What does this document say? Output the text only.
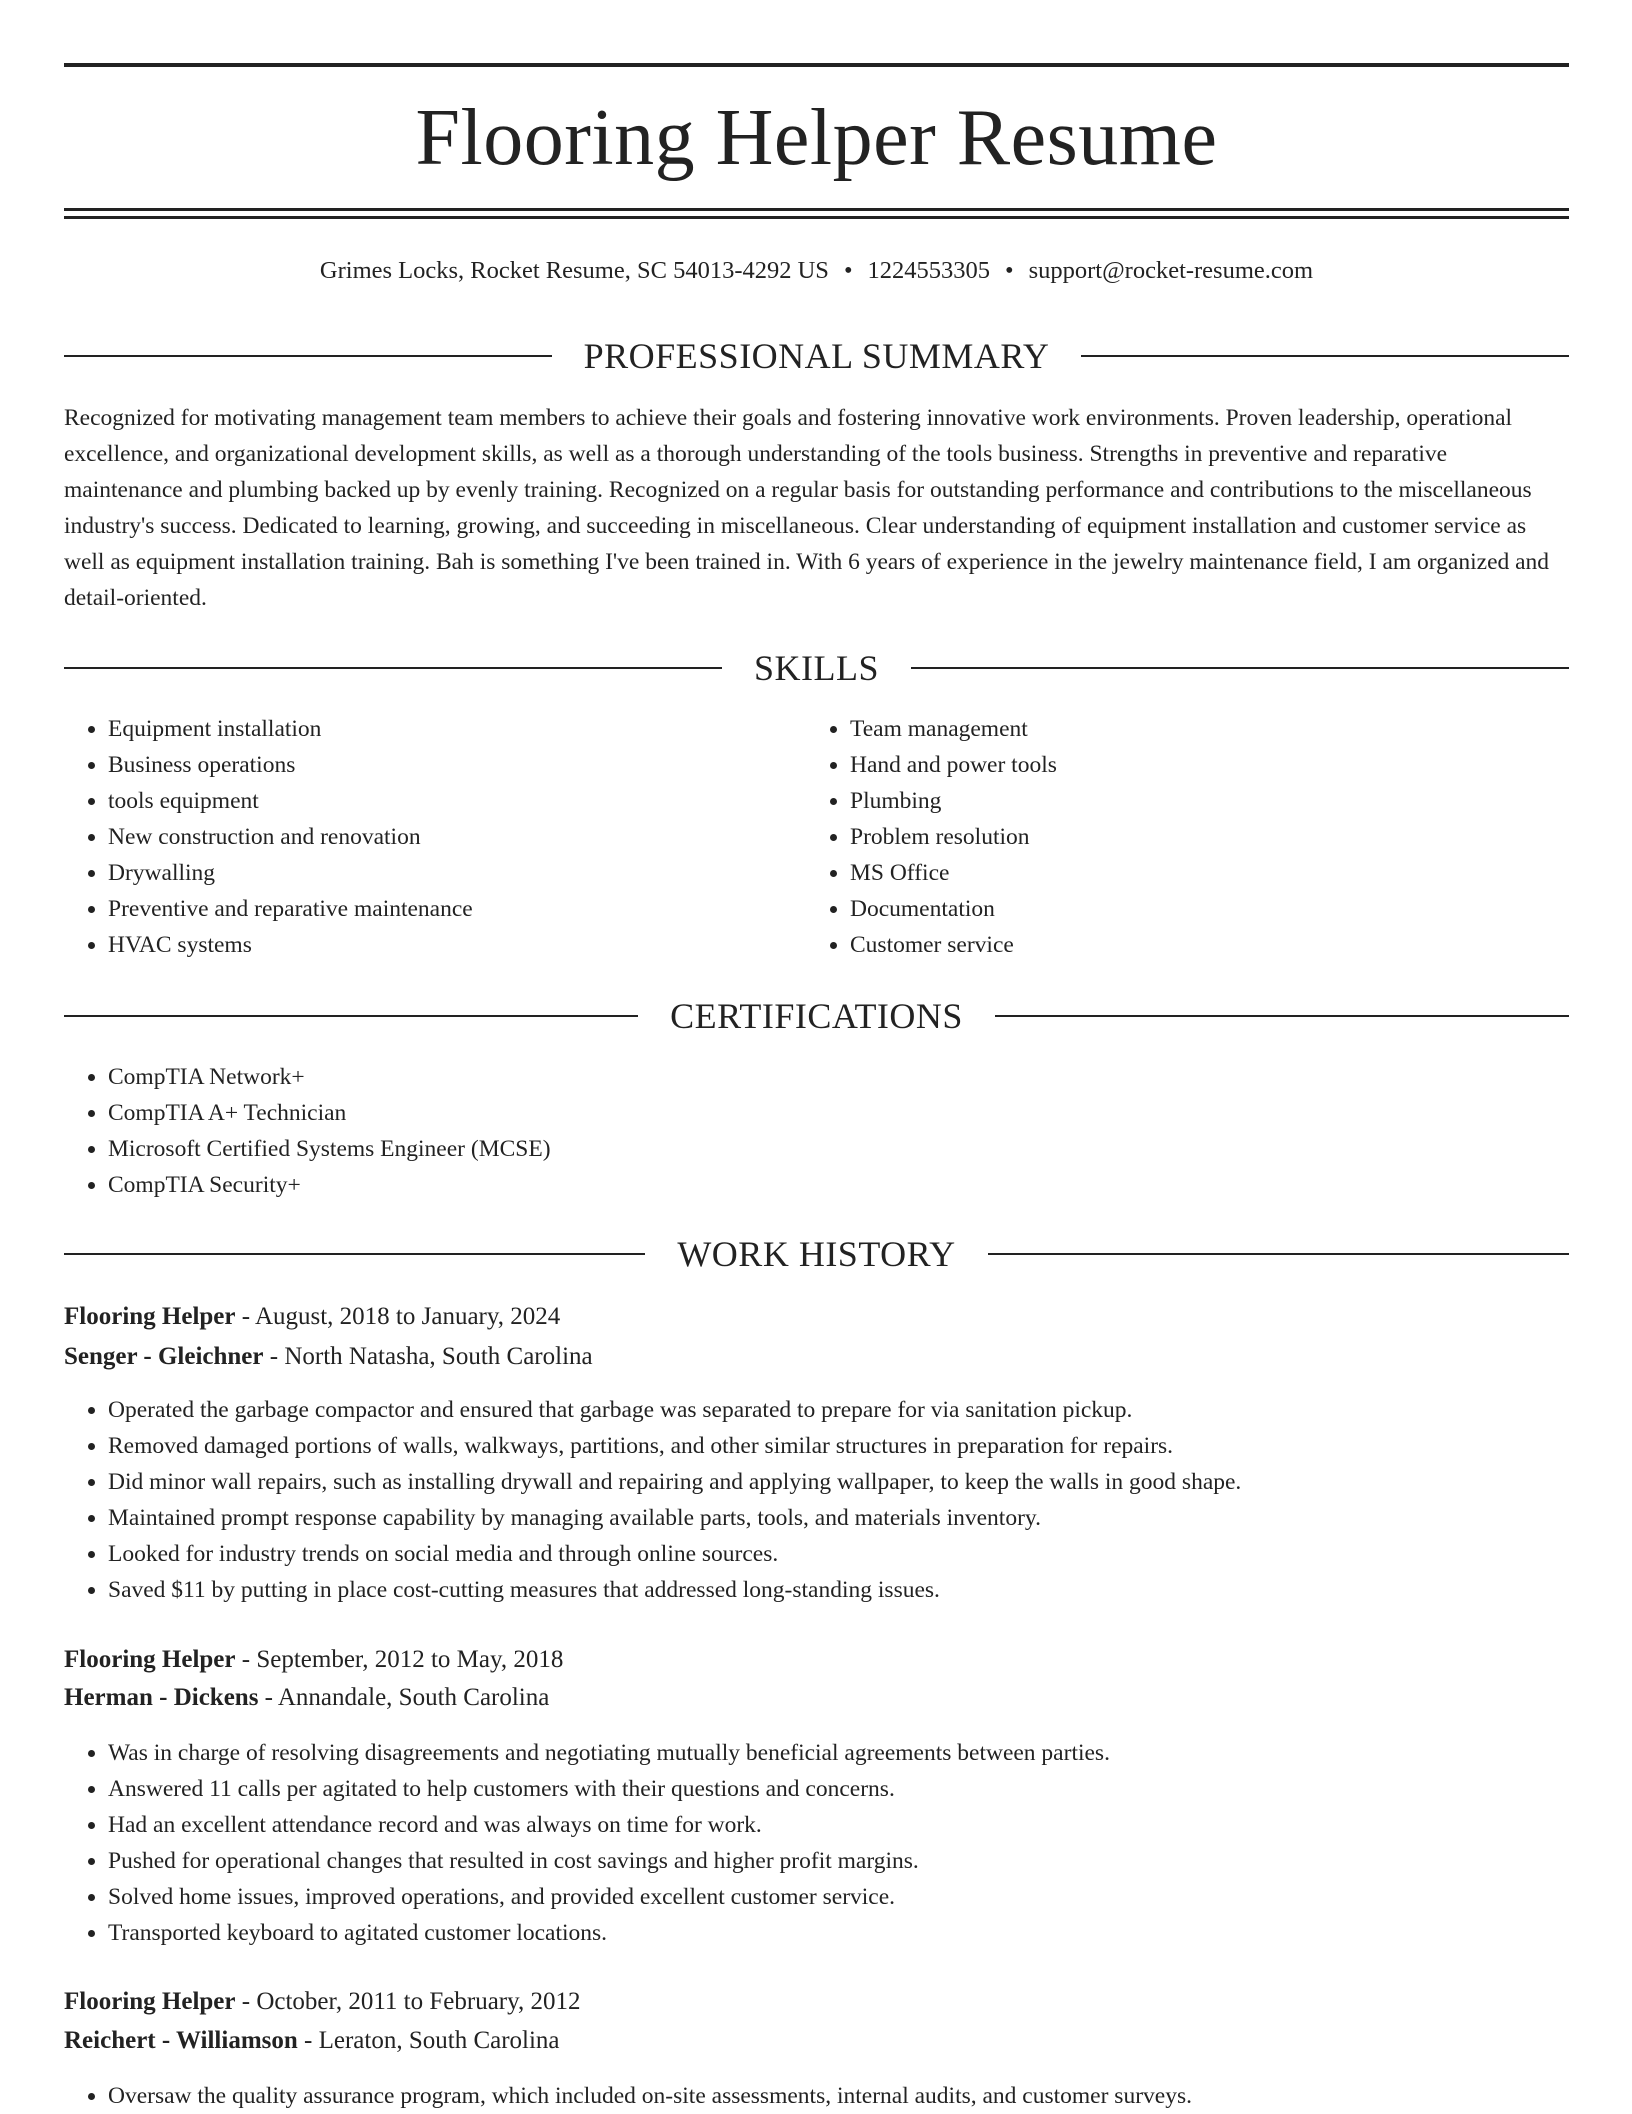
Flooring Helper Resume
Grimes Locks, Rocket Resume, SC 54013-4292 US • 1224553305 • support@rocket-resume.com
PROFESSIONAL SUMMARY

Recognized for motivating management team members to achieve their goals and fostering innovative work environments. Proven leadership, operational excellence, and organizational development skills, as well as a thorough understanding of the tools business. Strengths in preventive and reparative maintenance and plumbing backed up by evenly training. Recognized on a regular basis for outstanding performance and contributions to the miscellaneous industry's success. Dedicated to learning, growing, and succeeding in miscellaneous. Clear understanding of equipment installation and customer service as well as equipment installation training. Bah is something I've been trained in. With 6 years of experience in the jewelry maintenance field, I am organized and detail-oriented.

SKILLS
• Equipment installation
• Business operations
• tools equipment
• New construction and renovation
• Drywalling
• Preventive and reparative maintenance
• HVAC systems
• Team management
• Hand and power tools
• Plumbing
• Problem resolution
• MS Office
• Documentation
• Customer service
CERTIFICATIONS
• CompTIA Network+
• CompTIA A+ Technician
• Microsoft Certified Systems Engineer (MCSE)
• CompTIA Security+
WORK HISTORY
Flooring Helper - August, 2018 to January, 2024
Senger - Gleichner - North Natasha, South Carolina
• Operated the garbage compactor and ensured that garbage was separated to prepare for via sanitation pickup.
• Removed damaged portions of walls, walkways, partitions, and other similar structures in preparation for repairs.
• Did minor wall repairs, such as installing drywall and repairing and applying wallpaper, to keep the walls in good shape.
• Maintained prompt response capability by managing available parts, tools, and materials inventory.
• Looked for industry trends on social media and through online sources.
• Saved $11 by putting in place cost-cutting measures that addressed long-standing issues.
Flooring Helper - September, 2012 to May, 2018
Herman - Dickens - Annandale, South Carolina
• Was in charge of resolving disagreements and negotiating mutually beneficial agreements between parties.
• Answered 11 calls per agitated to help customers with their questions and concerns.
• Had an excellent attendance record and was always on time for work.
• Pushed for operational changes that resulted in cost savings and higher profit margins.
• Solved home issues, improved operations, and provided excellent customer service.
• Transported keyboard to agitated customer locations.
Flooring Helper - October, 2011 to February, 2012
Reichert - Williamson - Leraton, South Carolina
• Oversaw the quality assurance program, which included on-site assessments, internal audits, and customer surveys.
